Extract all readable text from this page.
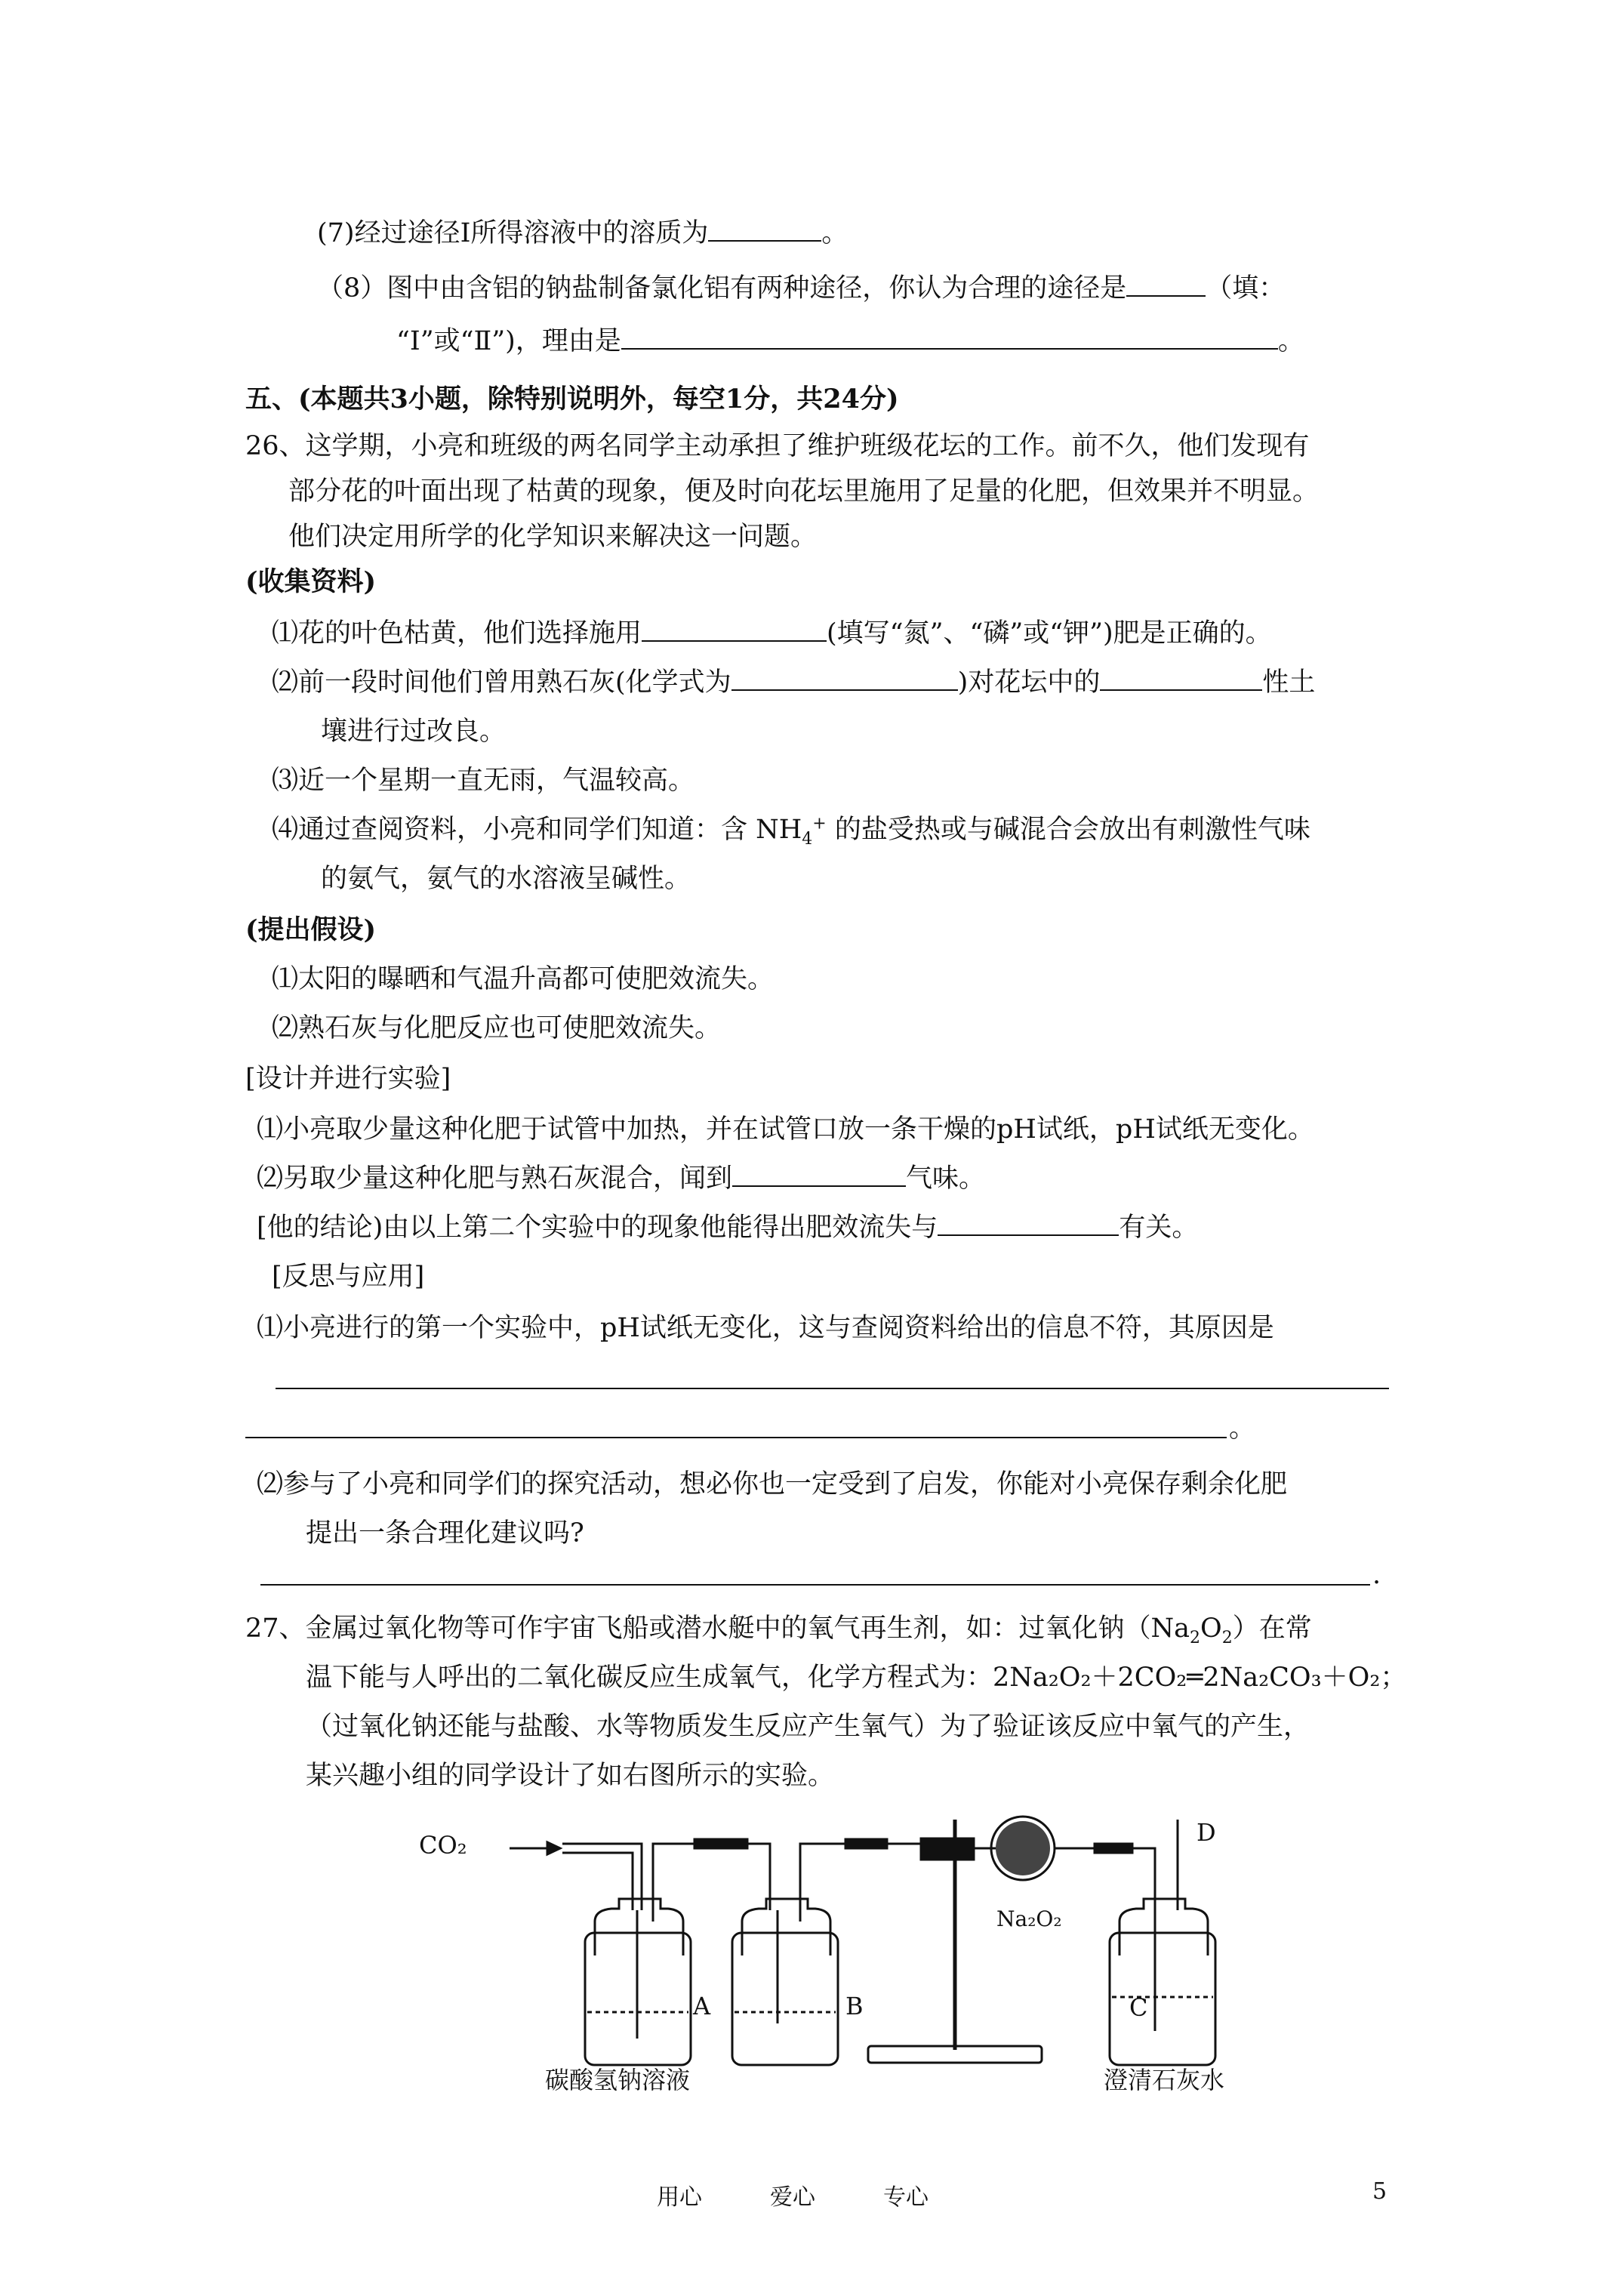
(7)经过途径Ⅰ所得溶液中的溶质为	。
（8）图中由含铝的钠盐制备氯化铝有两种途径，你认为合理的途径是	（填：
“Ⅰ”或“Ⅱ”)，理由是	。
五、(本题共3小题，除特别说明外，每空1分，共24分)
26、这学期，小亮和班级的两名同学主动承担了维护班级花坛的工作。前不久，他们发现有
部分花的叶面出现了枯黄的现象，便及时向花坛里施用了足量的化肥，但效果并不明显。
他们决定用所学的化学知识来解决这一问题。
(收集资料)
⑴花的叶色枯黄，他们选择施用	(填写“氮”、“磷”或“钾”)肥是正确的。
⑵前一段时间他们曾用熟石灰(化学式为	)对花坛中的	性土
壤进行过改良。
⑶近一个星期一直无雨，气温较高。
⑷通过查阅资料，小亮和同学们知道：含 $NH_4^+$ 的盐受热或与碱混合会放出有刺激性气味
的氨气，氨气的水溶液呈碱性。
(提出假设)
⑴太阳的曝晒和气温升高都可使肥效流失。
⑵熟石灰与化肥反应也可使肥效流失。
[设计并进行实验]
⑴小亮取少量这种化肥于试管中加热，并在试管口放一条干燥的pH试纸，pH试纸无变化。
⑵另取少量这种化肥与熟石灰混合，闻到	气味。
[他的结论)由以上第二个实验中的现象他能得出肥效流失与	有关。
[反思与应用]
⑴小亮进行的第一个实验中，pH试纸无变化，这与查阅资料给出的信息不符，其原因是
。
⑵参与了小亮和同学们的探究活动，想必你也一定受到了启发，你能对小亮保存剩余化肥
提出一条合理化建议吗?
.
27、金属过氧化物等可作宇宙飞船或潜水艇中的氧气再生剂，如：过氧化钠$(Na_2O_2)$在常
温下能与人呼出的二氧化碳反应生成氧气，化学方程式为：2Na₂O₂＋2CO₂═2Na₂CO₃＋O₂；
（过氧化钠还能与盐酸、水等物质发生反应产生氧气）为了验证该反应中氧气的产生，
某兴趣小组的同学设计了如右图所示的实验。
CO₂
A	B	C
D
Na₂O₂
碳酸氢钠溶液	澄清石灰水
用心	爱心	专心	5
